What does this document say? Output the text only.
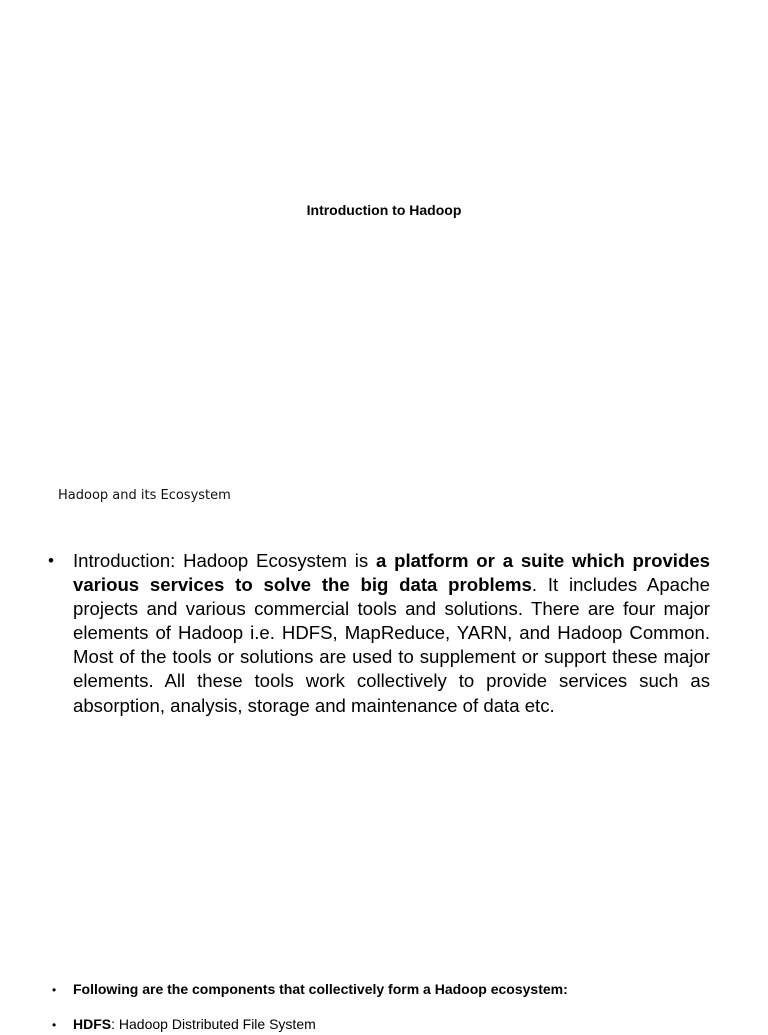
Introduction to Hadoop
Hadoop and its Ecosystem
• Introduction: Hadoop Ecosystem is a platform or a suite which provides various services to solve the big data problems. It includes Apache projects and various commercial tools and solutions. There are four major elements of Hadoop i.e. HDFS, MapReduce, YARN, and Hadoop Common. Most of the tools or solutions are used to supplement or support these major elements. All these tools work collectively to provide services such as absorption, analysis, storage and maintenance of data etc.
• Following are the components that collectively form a Hadoop ecosystem:
• HDFS: Hadoop Distributed File System
